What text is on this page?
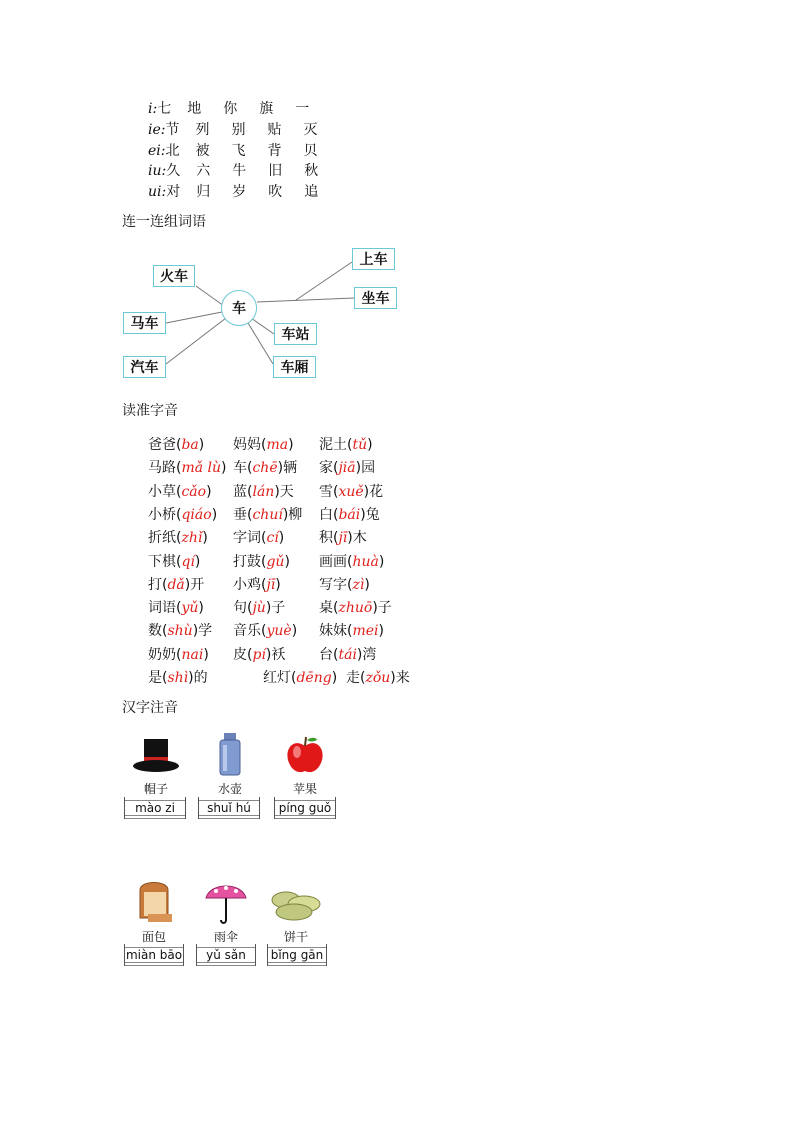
i:七 地 你 旗 一
ie:节 列 别 贴 灭
ei:北 被 飞 背 贝
iu:久 六 牛 旧 秋
ui:对 归 岁 吹 追
连一连组词语
火车
马车
汽车
车
上车
坐车
车站
车厢
读准字音
爸爸(ba) 妈妈(ma) 泥土(tǔ)
马路(mǎ lù) 车(chē)辆 家(jiā)园
小草(cǎo) 蓝(lán)天 雪(xuě)花
小桥(qiáo) 垂(chuí)柳 白(bái)兔
折纸(zhǐ) 字词(cí) 积(jī)木
下棋(qí) 打鼓(gǔ) 画画(huà)
打(dǎ)开 小鸡(jī)	写字(zì)
词语(yǔ) 句(jù)子 桌(zhuō)子
数(shù)学 音乐(yuè) 妹妹(mei)
奶奶(nai) 皮(pí)袄 台(tái)湾
是(shì)的	红灯(dēng) 走(zǒu)来
汉字注音
帽子
mào zi
水壶
shuǐ hú
苹果
píng guǒ
面包
miàn bāo
雨伞
yǔ sǎn
饼干
bǐng gān
